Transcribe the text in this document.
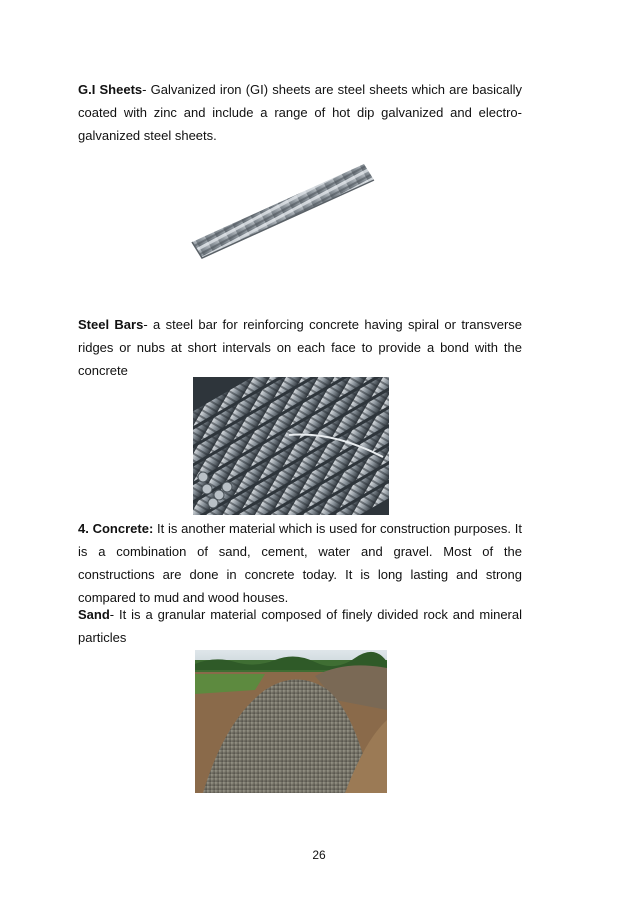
G.I Sheets- Galvanized iron (GI) sheets are steel sheets which are basically coated with zinc and include a range of hot dip galvanized and electro-galvanized steel sheets.

Steel Bars- a steel bar for reinforcing concrete having spiral or transverse ridges or nubs at short intervals on each face to provide a bond with the concrete

4. Concrete: It is another material which is used for construction purposes. It is a combination of sand, cement, water and gravel. Most of the constructions are done in concrete today. It is long lasting and strong compared to mud and wood houses.

Sand- It is a granular material composed of finely divided rock and mineral particles

26
